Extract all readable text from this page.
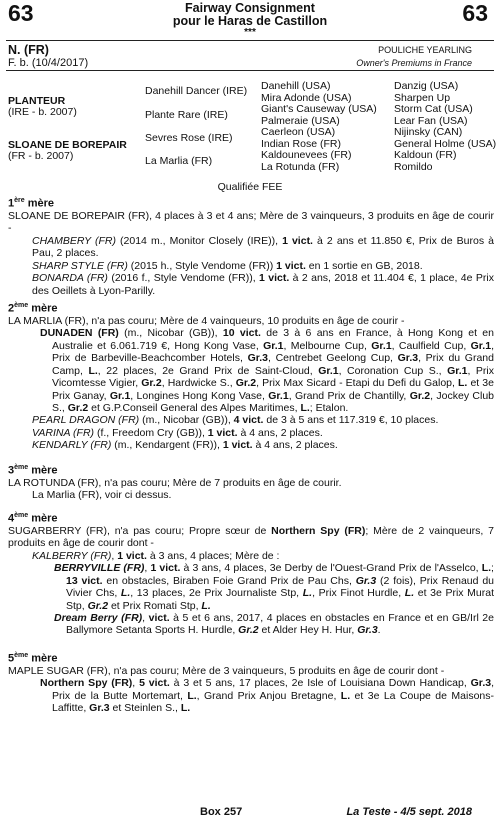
63	63
Fairway Consignment
pour le Haras de Castillon
***
N. (FR)
F. b. (10/4/2017)
POULICHE YEARLING
Owner's Premiums in France
PLANTEUR
(IRE - b. 2007)
SLOANE DE BOREPAIR
(FR - b. 2007)
Danehill Dancer (IRE)
Plante Rare (IRE)
Sevres Rose (IRE)
La Marlia (FR)
Danehill (USA)
Mira Adonde (USA)
Giant's Causeway (USA)
Palmeraie (USA)
Caerleon (USA)
Indian Rose (FR)
Kaldounevees (FR)
La Rotunda (FR)
Danzig (USA)
Sharpen Up
Storm Cat (USA)
Lear Fan (USA)
Nijinsky (CAN)
General Holme (USA)
Kaldoun (FR)
Romildo
Qualifiée FEE

1ère mère

SLOANE DE BOREPAIR (FR), 4 places à 3 et 4 ans; Mère de 3 vainqueurs, 3 produits en âge de courir -

CHAMBERY (FR) (2014 m., Monitor Closely (IRE)), 1 vict. à 2 ans et 11.850 €, Prix de Buros à Pau, 2 places.

SHARP STYLE (FR) (2015 h., Style Vendome (FR)) 1 vict. en 1 sortie en GB, 2018.

BONARDA (FR) (2016 f., Style Vendome (FR)), 1 vict. à 2 ans, 2018 et 11.404 €, 1 place, 4e Prix des Oeillets à Lyon-Parilly.

2ème mère

LA MARLIA (FR), n'a pas couru; Mère de 4 vainqueurs, 10 produits en âge de courir -

DUNADEN (FR) (m., Nicobar (GB)), 10 vict. de 3 à 6 ans en France, à Hong Kong et en Australie et 6.061.719 €, Hong Kong Vase, Gr.1, Melbourne Cup, Gr.1, Caulfield Cup, Gr.1, Prix de Barbeville-Beachcomber Hotels, Gr.3, Centrebet Geelong Cup, Gr.3, Prix du Grand Camp, L., 22 places, 2e Grand Prix de Saint-Cloud, Gr.1, Coronation Cup S., Gr.1, Prix Vicomtesse Vigier, Gr.2, Hardwicke S., Gr.2, Prix Max Sicard - Etapi du Defi du Galop, L. et 3e Prix Ganay, Gr.1, Longines Hong Kong Vase, Gr.1, Grand Prix de Chantilly, Gr.2, Jockey Club S., Gr.2 et G.P.Conseil General des Alpes Maritimes, L.; Etalon.

PEARL DRAGON (FR) (m., Nicobar (GB)), 4 vict. de 3 à 5 ans et 117.319 €, 10 places.

VARINA (FR) (f., Freedom Cry (GB)), 1 vict. à 4 ans, 2 places.

KENDARLY (FR) (m., Kendargent (FR)), 1 vict. à 4 ans, 2 places.

3ème mère

LA ROTUNDA (FR), n'a pas couru; Mère de 7 produits en âge de courir.

La Marlia (FR), voir ci dessus.

4ème mère

SUGARBERRY (FR), n'a pas couru; Propre sœur de Northern Spy (FR); Mère de 2 vainqueurs, 7 produits en âge de courir dont -

KALBERRY (FR), 1 vict. à 3 ans, 4 places; Mère de :

BERRYVILLE (FR), 1 vict. à 3 ans, 4 places, 3e Derby de l'Ouest-Grand Prix de l'Asselco, L.; 13 vict. en obstacles, Biraben Foie Grand Prix de Pau Chs, Gr.3 (2 fois), Prix Renaud du Vivier Chs, L., 13 places, 2e Prix Journaliste Stp, L., Prix Finot Hurdle, L. et 3e Prix Murat Stp, Gr.2 et Prix Romati Stp, L.

Dream Berry (FR), vict. à 5 et 6 ans, 2017, 4 places en obstacles en France et en GB/Irl 2e Ballymore Setanta Sports H. Hurdle, Gr.2 et Alder Hey H. Hur, Gr.3.

5ème mère

MAPLE SUGAR (FR), n'a pas couru; Mère de 3 vainqueurs, 5 produits en âge de courir dont -

Northern Spy (FR), 5 vict. à 3 et 5 ans, 17 places, 2e Isle of Louisiana Down Handicap, Gr.3, Prix de la Butte Mortemart, L., Grand Prix Anjou Bretagne, L. et 3e La Coupe de Maisons-Laffitte, Gr.3 et Steinlen S., L.

Box 257	La Teste - 4/5 sept. 2018
